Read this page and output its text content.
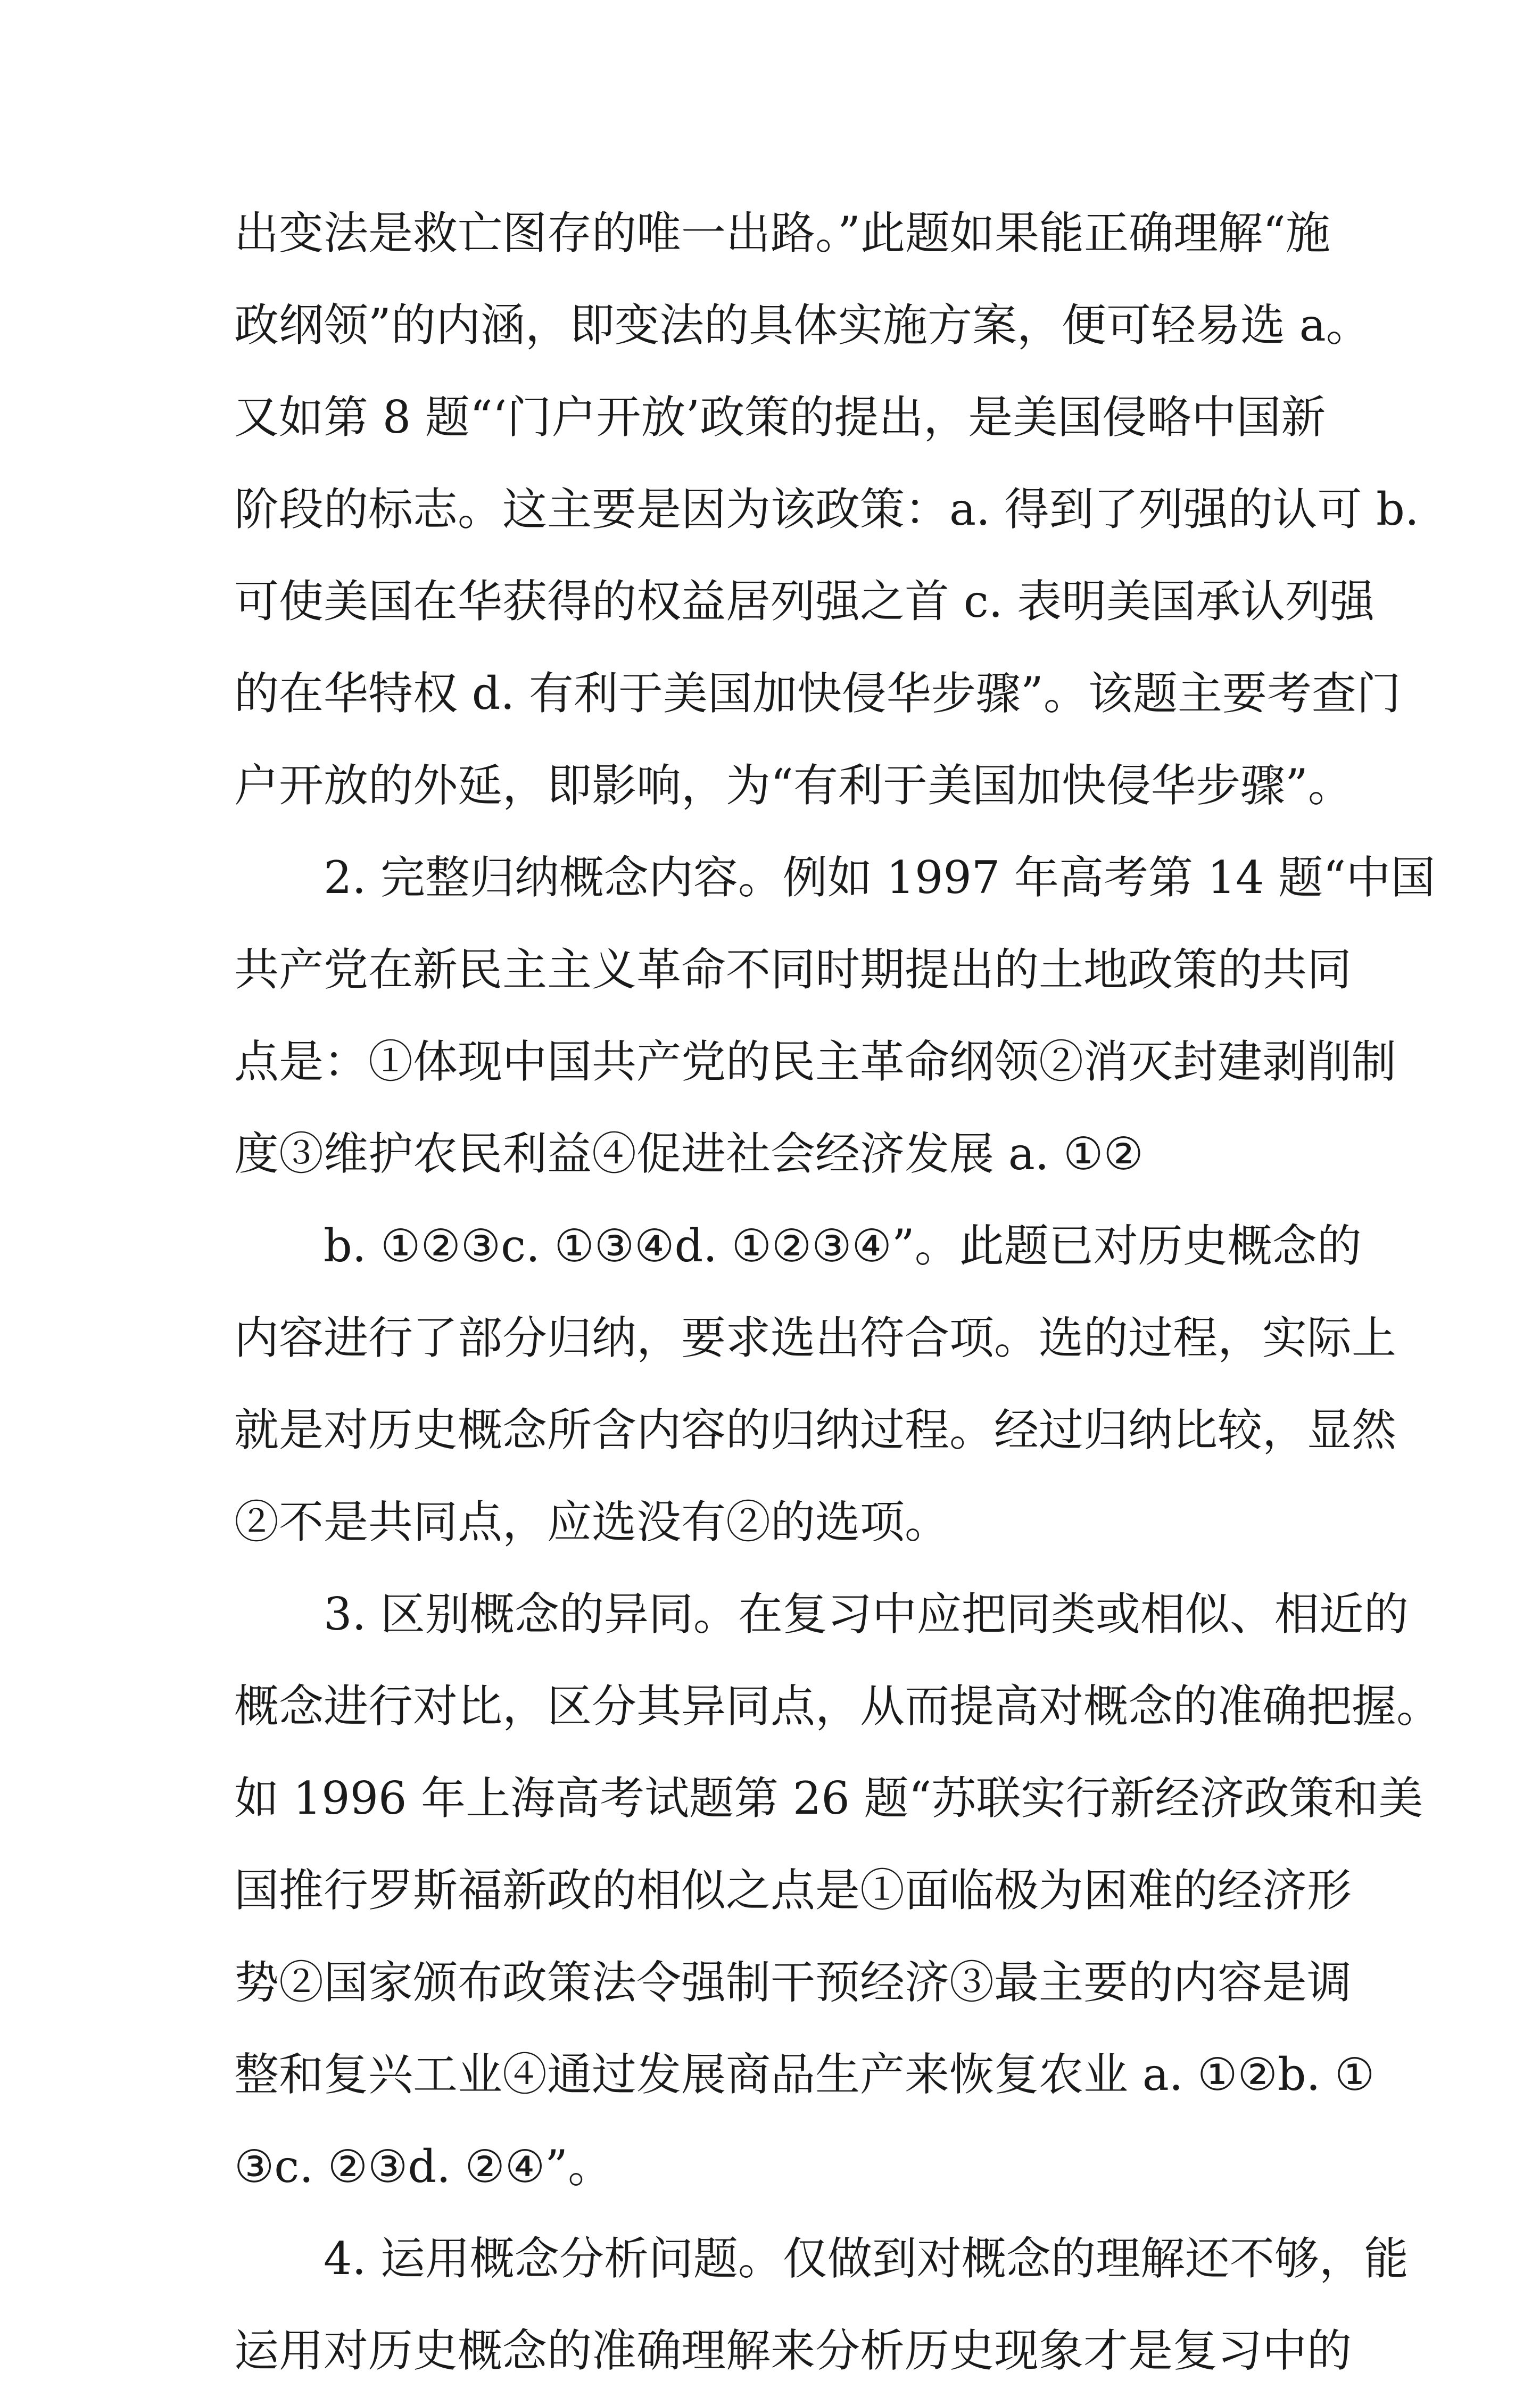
出变法是救亡图存的唯一出路。”此题如果能正确理解“施
政纲领”的内涵，即变法的具体实施方案，便可轻易选 a。
又如第 8 题“‘门户开放’政策的提出，是美国侵略中国新
阶段的标志。这主要是因为该政策：a. 得到了列强的认可 b.
可使美国在华获得的权益居列强之首 c. 表明美国承认列强
的在华特权 d. 有利于美国加快侵华步骤”。该题主要考查门
户开放的外延，即影响，为“有利于美国加快侵华步骤”。
2. 完整归纳概念内容。例如 1997 年高考第 14 题“中国
共产党在新民主主义革命不同时期提出的土地政策的共同
点是：①体现中国共产党的民主革命纲领②消灭封建剥削制
度③维护农民利益④促进社会经济发展 a. ①②
b. ①②③c. ①③④d. ①②③④”。此题已对历史概念的
内容进行了部分归纳，要求选出符合项。选的过程，实际上
就是对历史概念所含内容的归纳过程。经过归纳比较，显然
②不是共同点，应选没有②的选项。
3. 区别概念的异同。在复习中应把同类或相似、相近的
概念进行对比，区分其异同点，从而提高对概念的准确把握。
如 1996 年上海高考试题第 26 题“苏联实行新经济政策和美
国推行罗斯福新政的相似之点是①面临极为困难的经济形
势②国家颁布政策法令强制干预经济③最主要的内容是调
整和复兴工业④通过发展商品生产来恢复农业 a. ①②b. ①
③c. ②③d. ②④”。
4. 运用概念分析问题。仅做到对概念的理解还不够，能
运用对历史概念的准确理解来分析历史现象才是复习中的
